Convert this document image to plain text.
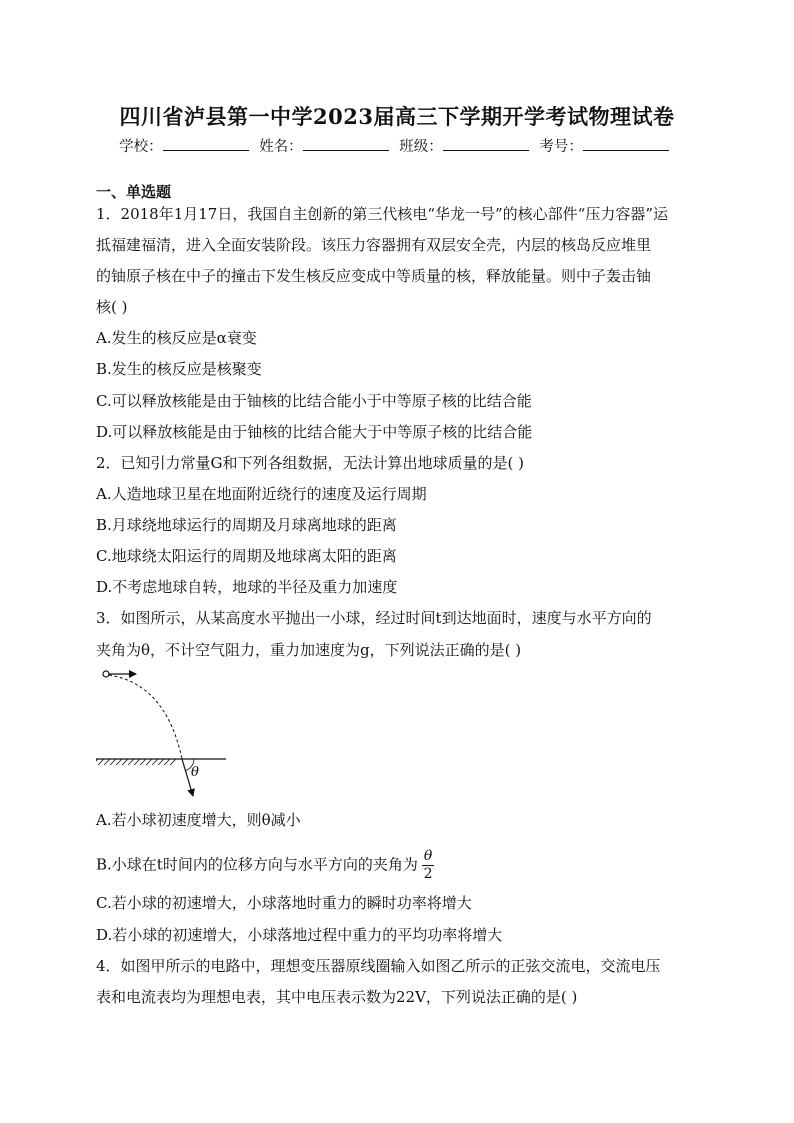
四川省泸县第一中学2023届高三下学期开学考试物理试卷
学校：	姓名：	班级：	考号：
一、单选题
1．2018年1月17日，我国自主创新的第三代核电“华龙一号”的核心部件“压力容器”运
抵福建福清，进入全面安装阶段。该压力容器拥有双层安全壳，内层的核岛反应堆里
的铀原子核在中子的撞击下发生核反应变成中等质量的核，释放能量。则中子轰击铀
核( )
A.发生的核反应是α衰变
B.发生的核反应是核聚变
C.可以释放核能是由于铀核的比结合能小于中等原子核的比结合能
D.可以释放核能是由于铀核的比结合能大于中等原子核的比结合能
2．已知引力常量G和下列各组数据，无法计算出地球质量的是( )
A.人造地球卫星在地面附近绕行的速度及运行周期
B.月球绕地球运行的周期及月球离地球的距离
C.地球绕太阳运行的周期及地球离太阳的距离
D.不考虑地球自转，地球的半径及重力加速度
3．如图所示，从某高度水平抛出一小球，经过时间t到达地面时，速度与水平方向的
夹角为θ，不计空气阻力，重力加速度为g，下列说法正确的是( )
θ
A.若小球初速度增大，则θ减小
B.小球在t时间内的位移方向与水平方向的夹角为 $\frac{\theta}{2}$
C.若小球的初速增大，小球落地时重力的瞬时功率将增大
D.若小球的初速增大，小球落地过程中重力的平均功率将增大
4．如图甲所示的电路中，理想变压器原线圈输入如图乙所示的正弦交流电，交流电压
表和电流表均为理想电表，其中电压表示数为22V，下列说法正确的是( )
